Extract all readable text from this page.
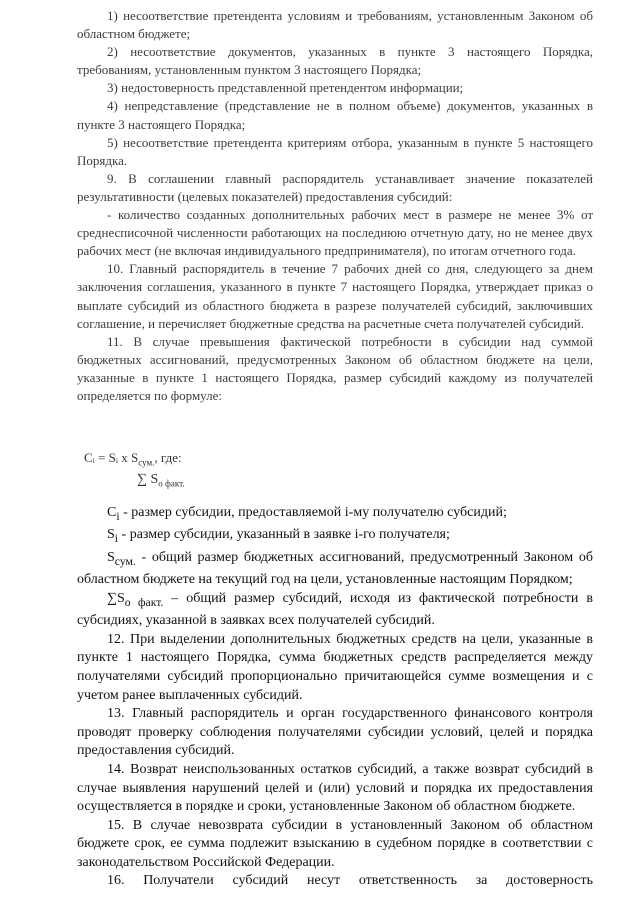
1) несоответствие претендента условиям и требованиям, установленным Законом об областном бюджете;

2) несоответствие документов, указанных в пункте 3 настоящего Порядка, требованиям, установленным пунктом 3 настоящего Порядка;

3) недостоверность представленной претендентом информации;

4) непредставление (представление не в полном объеме) документов, указанных в пункте 3 настоящего Порядка;

5) несоответствие претендента критериям отбора, указанным в пункте 5 настоящего Порядка.

9. В соглашении главный распорядитель устанавливает значение показателей результативности (целевых показателей) предоставления субсидий:

- количество созданных дополнительных рабочих мест в размере не менее 3% от среднесписочной численности работающих на последнюю отчетную дату, но не менее двух рабочих мест (не включая индивидуального предпринимателя), по итогам отчетного года.

10. Главный распорядитель в течение 7 рабочих дней со дня, следующего за днем заключения соглашения, указанного в пункте 7 настоящего Порядка, утверждает приказ о выплате субсидий из областного бюджета в разрезе получателей субсидий, заключивших соглашение, и перечисляет бюджетные средства на расчетные счета получателей субсидий.

11. В случае превышения фактической потребности в субсидии над суммой бюджетных ассигнований, предусмотренных Законом об областном бюджете на цели, указанные в пункте 1 настоящего Порядка, размер субсидий каждому из получателей определяется по формуле:

Cᵢ = Sᵢ x $S_{сум.}$, где:
∑ $S_{о факт.}$

$C_i$ - размер субсидии, предоставляемой i-му получателю субсидий;

$S_i$ - размер субсидии, указанный в заявке i-го получателя;

$S_{сум.}$ - общий размер бюджетных ассигнований, предусмотренный Законом об областном бюджете на текущий год на цели, установленные настоящим Порядком;

$\sum S_{о факт.}$ – общий размер субсидий, исходя из фактической потребности в субсидиях, указанной в заявках всех получателей субсидий.

12. При выделении дополнительных бюджетных средств на цели, указанные в пункте 1 настоящего Порядка, сумма бюджетных средств распределяется между получателями субсидий пропорционально причитающейся сумме возмещения и с учетом ранее выплаченных субсидий.

13. Главный распорядитель и орган государственного финансового контроля проводят проверку соблюдения получателями субсидии условий, целей и порядка предоставления субсидий.

14. Возврат неиспользованных остатков субсидий, а также возврат субсидий в случае выявления нарушений целей и (или) условий и порядка их предоставления осуществляется в порядке и сроки, установленные Законом об областном бюджете.

15. В случае невозврата субсидии в установленный Законом об областном бюджете срок, ее сумма подлежит взысканию в судебном порядке в соответствии с законодательством Российской Федерации.

16. Получатели субсидий несут ответственность за достоверность
